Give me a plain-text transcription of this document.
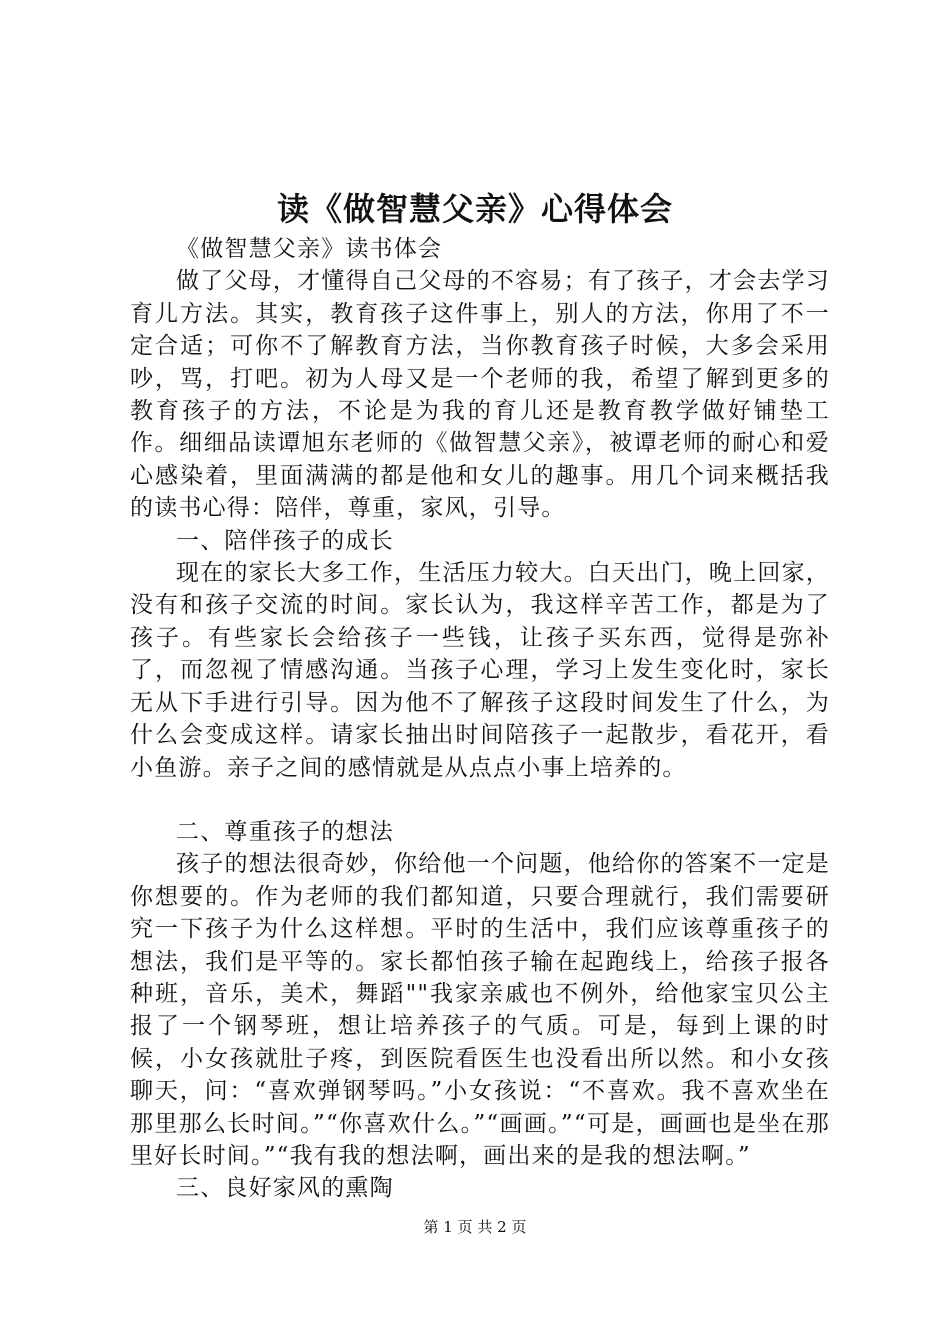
读《做智慧父亲》心得体会

《做智慧父亲》读书体会

做了父母，才懂得自己父母的不容易；有了孩子，才会去学习育儿方法。其实，教育孩子这件事上，别人的方法，你用了不一定合适；可你不了解教育方法，当你教育孩子时候，大多会采用吵，骂，打吧。初为人母又是一个老师的我，希望了解到更多的教育孩子的方法，不论是为我的育儿还是教育教学做好铺垫工作。细细品读谭旭东老师的《做智慧父亲》，被谭老师的耐心和爱心感染着，里面满满的都是他和女儿的趣事。用几个词来概括我的读书心得：陪伴，尊重，家风，引导。

一、陪伴孩子的成长

现在的家长大多工作，生活压力较大。白天出门，晚上回家，没有和孩子交流的时间。家长认为，我这样辛苦工作，都是为了孩子。有些家长会给孩子一些钱，让孩子买东西，觉得是弥补了，而忽视了情感沟通。当孩子心理，学习上发生变化时，家长无从下手进行引导。因为他不了解孩子这段时间发生了什么，为什么会变成这样。请家长抽出时间陪孩子一起散步，看花开，看小鱼游。亲子之间的感情就是从点点小事上培养的。

二、尊重孩子的想法

孩子的想法很奇妙，你给他一个问题，他给你的答案不一定是你想要的。作为老师的我们都知道，只要合理就行，我们需要研究一下孩子为什么这样想。平时的生活中，我们应该尊重孩子的想法，我们是平等的。家长都怕孩子输在起跑线上，给孩子报各种班，音乐，美术，舞蹈""我家亲戚也不例外，给他家宝贝公主报了一个钢琴班，想让培养孩子的气质。可是，每到上课的时候，小女孩就肚子疼，到医院看医生也没看出所以然。和小女孩聊天，问：“喜欢弹钢琴吗。”小女孩说：“不喜欢。我不喜欢坐在那里那么长时间。”“你喜欢什么。”“画画。”“可是，画画也是坐在那里好长时间。”“我有我的想法啊，画出来的是我的想法啊。”

三、良好家风的熏陶

第 1 页 共 2 页
